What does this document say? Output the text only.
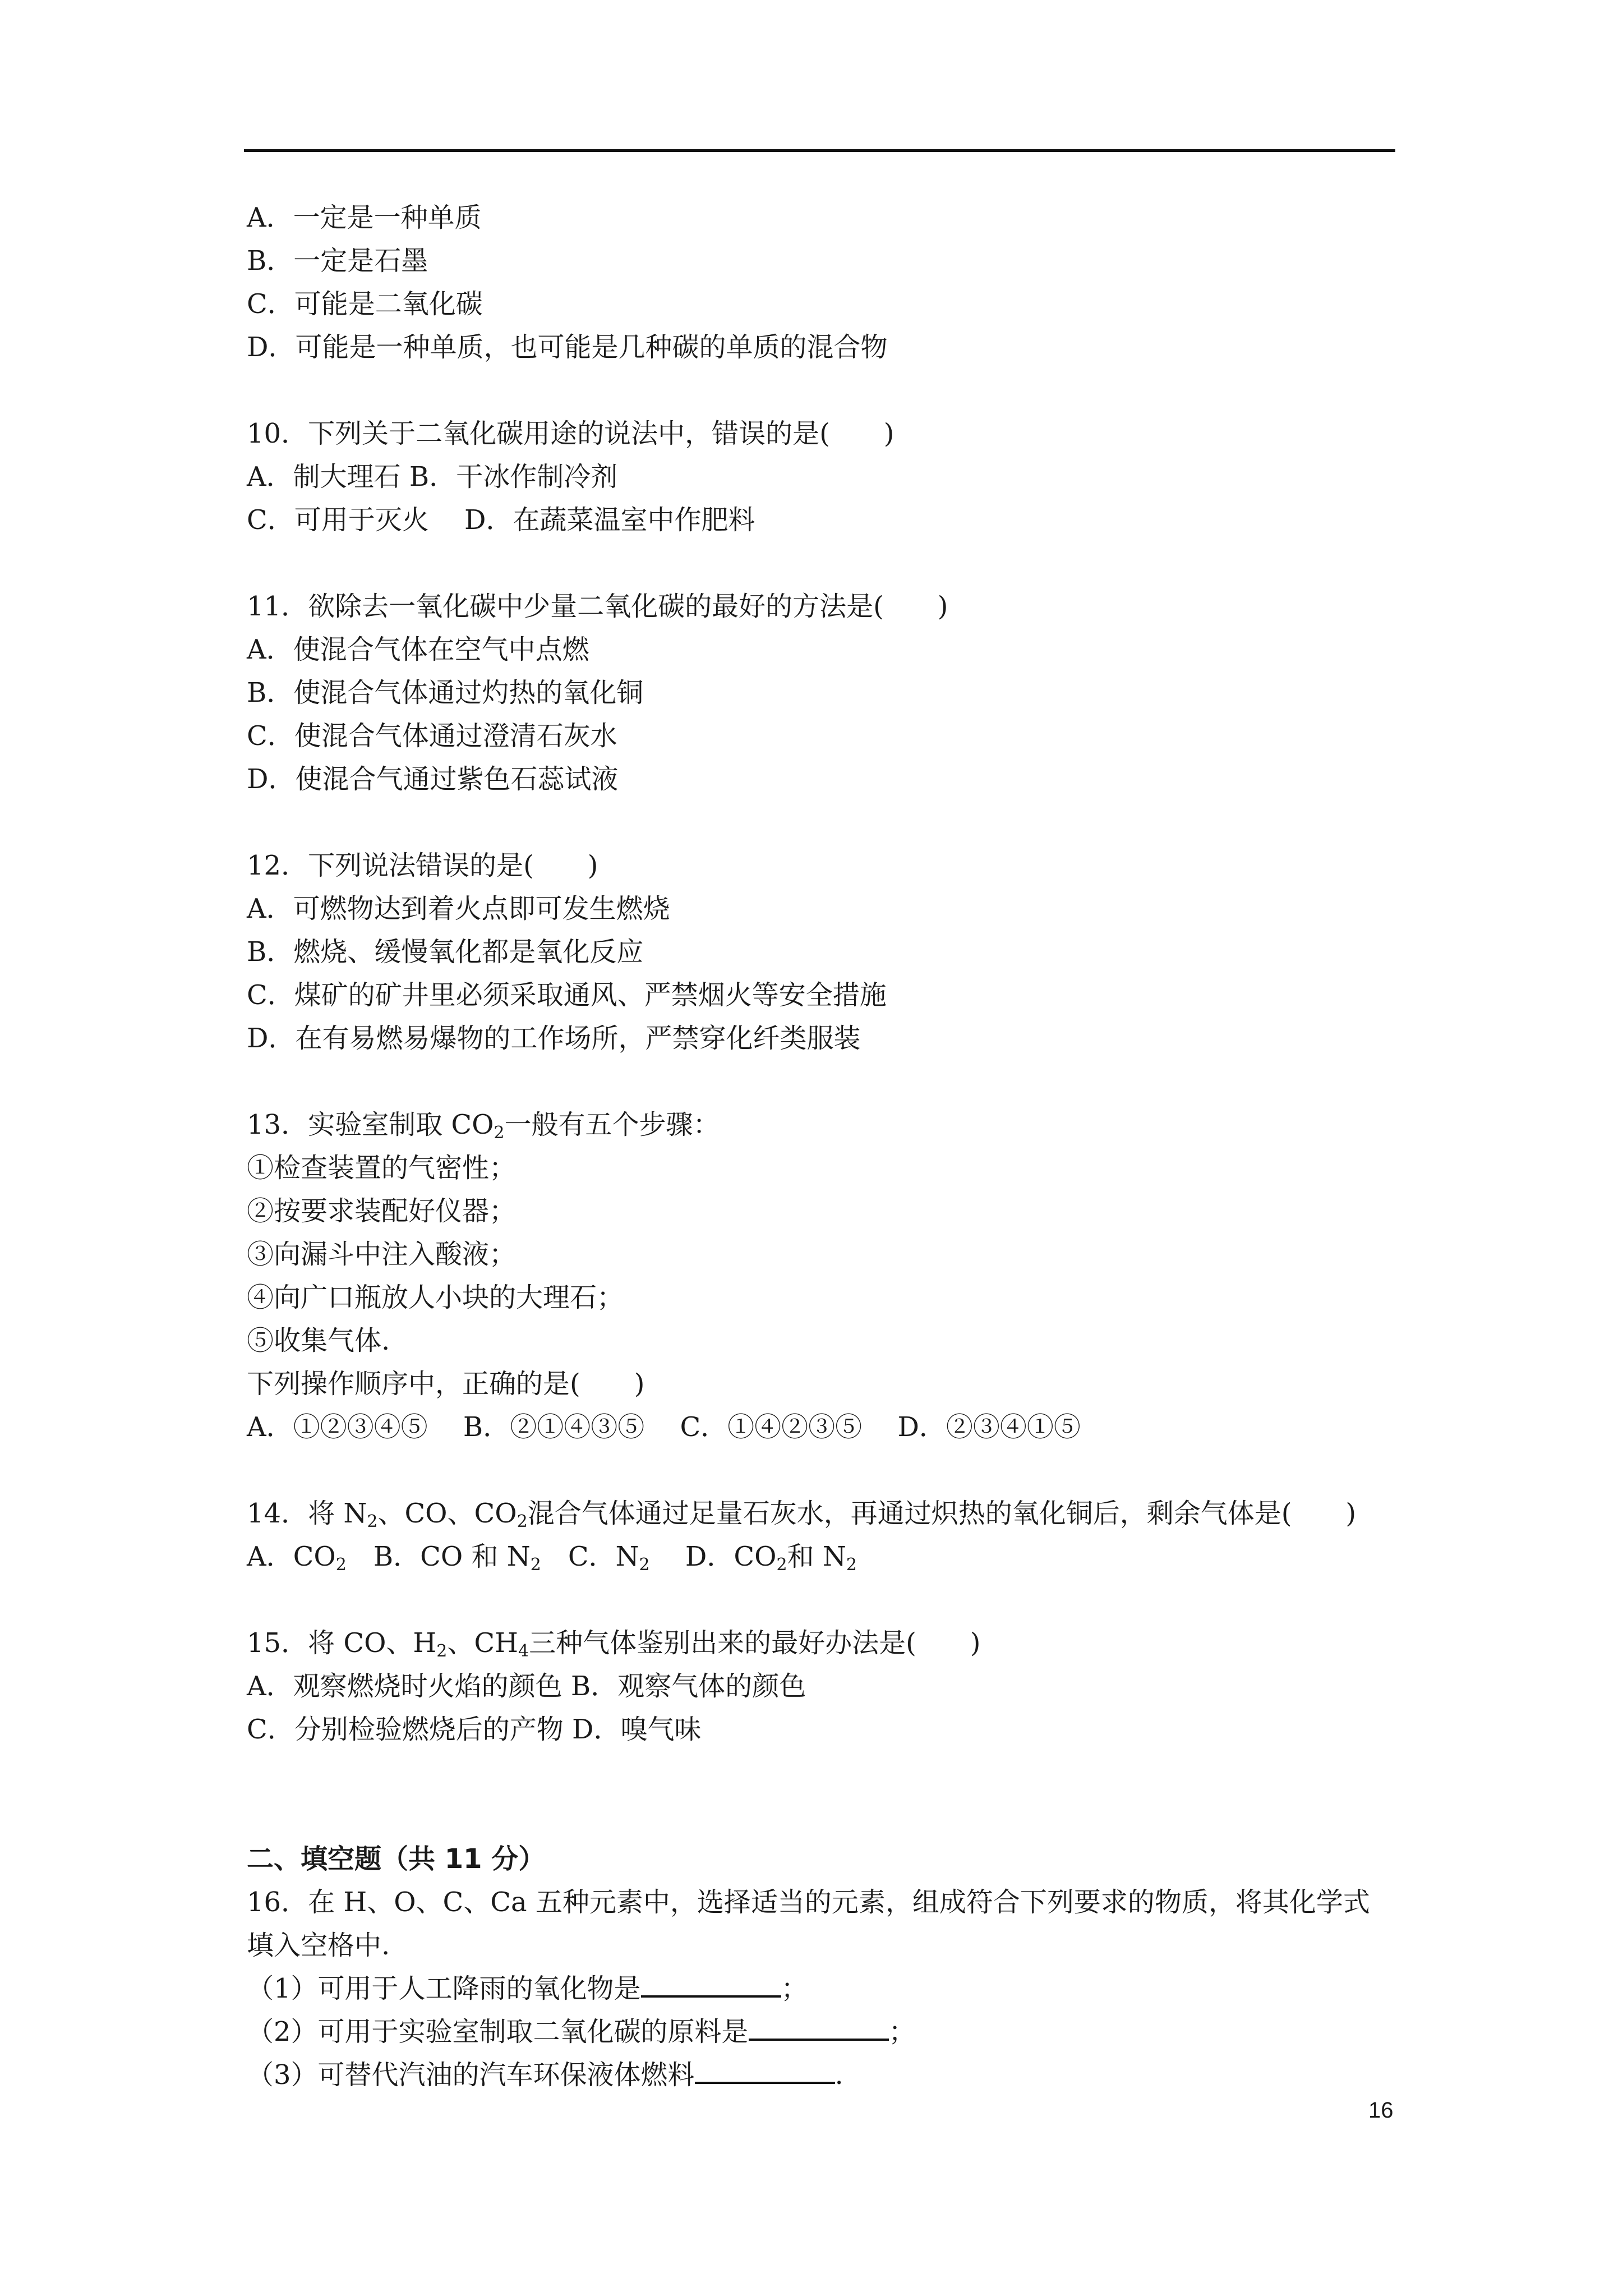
A．一定是一种单质
B．一定是石墨
C．可能是二氧化碳
D．可能是一种单质，也可能是几种碳的单质的混合物
10．下列关于二氧化碳用途的说法中，错误的是(　　)
A．制大理石 B．干冰作制冷剂
C．可用于灭火　 D．在蔬菜温室中作肥料
11．欲除去一氧化碳中少量二氧化碳的最好的方法是(　　)
A．使混合气体在空气中点燃
B．使混合气体通过灼热的氧化铜
C．使混合气体通过澄清石灰水
D．使混合气通过紫色石蕊试液
12．下列说法错误的是(　　)
A．可燃物达到着火点即可发生燃烧
B．燃烧、缓慢氧化都是氧化反应
C．煤矿的矿井里必须采取通风、严禁烟火等安全措施
D．在有易燃易爆物的工作场所，严禁穿化纤类服装
13．实验室制取 $CO_2$一般有五个步骤：
①检查装置的气密性；
②按要求装配好仪器；
③向漏斗中注入酸液；
④向广口瓶放人小块的大理石；
⑤收集气体.
下列操作顺序中，正确的是(　　)
A．①②③④⑤　 B．②①④③⑤　 C．①④②③⑤　 D．②③④①⑤
14．将 $N_2$、CO、$CO_2$混合气体通过足量石灰水，再通过炽热的氧化铜后，剩余气体是(　　)
A．$CO_2$　B．CO 和 $N_2$　C．$N_2$　 D．$CO_2$和 $N_2$
15．将 CO、$H_2$、$CH_4$三种气体鉴别出来的最好办法是(　　)
A．观察燃烧时火焰的颜色 B．观察气体的颜色
C．分别检验燃烧后的产物 D．嗅气味
二、填空题（共 11 分）
16．在 H、O、C、Ca 五种元素中，选择适当的元素，组成符合下列要求的物质，将其化学式
填入空格中.
（1）可用于人工降雨的氧化物是	；
（2）可用于实验室制取二氧化碳的原料是	；
（3）可替代汽油的汽车环保液体燃料	.
16
